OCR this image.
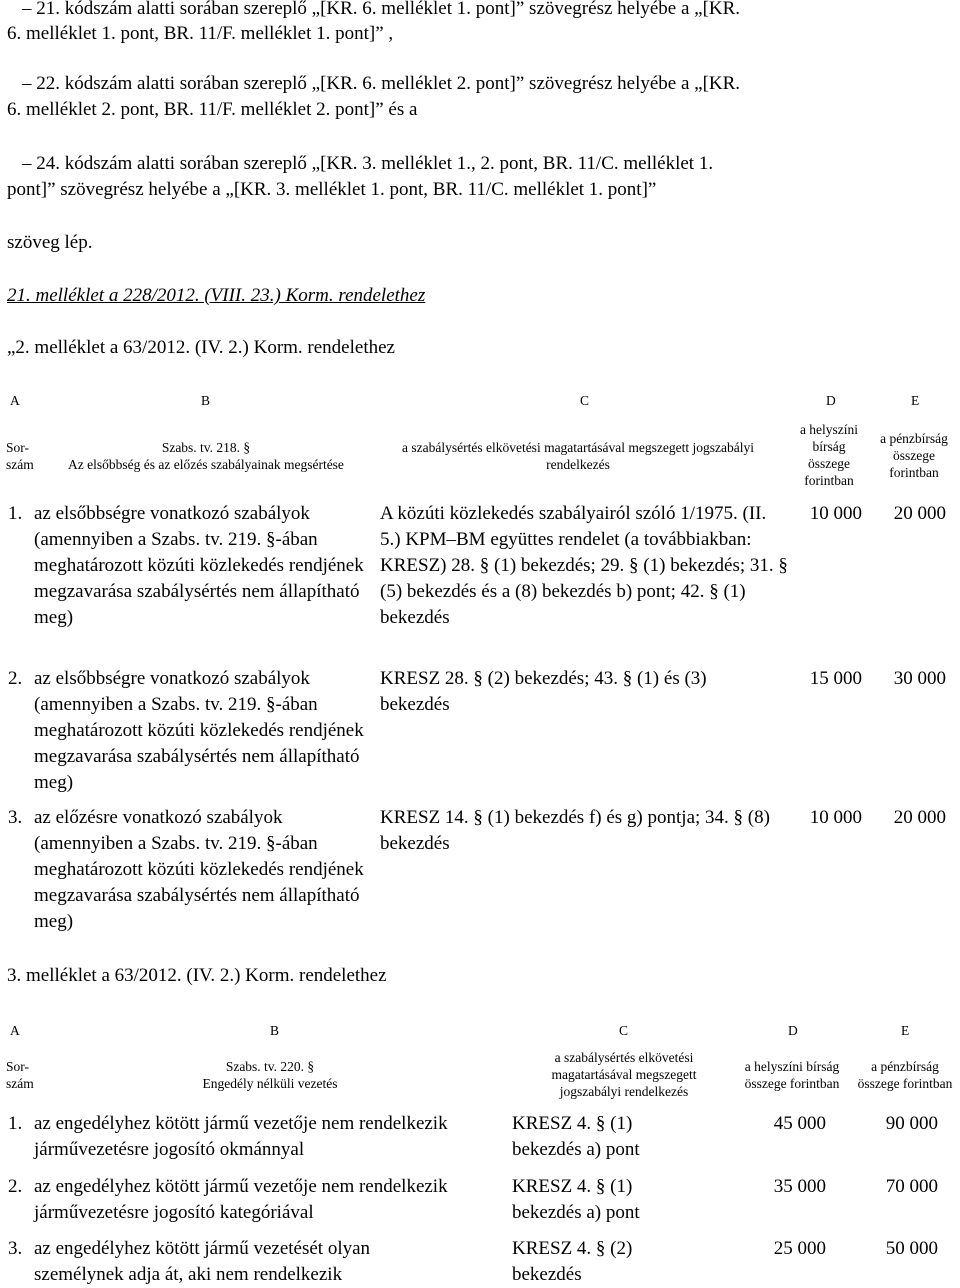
– 21. kódszám alatti sorában szereplő „[KR. 6. melléklet 1. pont]” szövegrész helyébe a „[KR.
6. melléklet 1. pont, BR. 11/F. melléklet 1. pont]” ,
– 22. kódszám alatti sorában szereplő „[KR. 6. melléklet 2. pont]” szövegrész helyébe a „[KR.
6. melléklet 2. pont, BR. 11/F. melléklet 2. pont]” és a
– 24. kódszám alatti sorában szereplő „[KR. 3. melléklet 1., 2. pont, BR. 11/C. melléklet 1.
pont]” szövegrész helyébe a „[KR. 3. melléklet 1. pont, BR. 11/C. melléklet 1. pont]”
szöveg lép.
21. melléklet a 228/2012. (VIII. 23.) Korm. rendelethez
„2. melléklet a 63/2012. (IV. 2.) Korm. rendelethez
A	B	C	D	E
Sor-szám
Szabs. tv. 218. §
Az elsőbbség és az előzés szabályainak megsértése
a szabálysértés elkövetési magatartásával megszegett jogszabályi rendelkezés
a helyszíni bírság összege forintban
a pénzbírság összege forintban
1. az elsőbbségre vonatkozó szabályok (amennyiben a Szabs. tv. 219. §-ában meghatározott közúti közlekedés rendjének megzavarása szabálysértés nem állapítható meg)
A közúti közlekedés szabályairól szóló 1/1975. (II. 5.) KPM–BM együttes rendelet (a továbbiakban: KRESZ) 28. § (1) bekezdés; 29. § (1) bekezdés; 31. § (5) bekezdés és a (8) bekezdés b) pont; 42. § (1) bekezdés
10 000	20 000
2. az elsőbbségre vonatkozó szabályok (amennyiben a Szabs. tv. 219. §-ában meghatározott közúti közlekedés rendjének megzavarása szabálysértés nem állapítható meg)
KRESZ 28. § (2) bekezdés; 43. § (1) és (3) bekezdés
15 000	30 000
3. az előzésre vonatkozó szabályok (amennyiben a Szabs. tv. 219. §-ában meghatározott közúti közlekedés rendjének megzavarása szabálysértés nem állapítható meg)
KRESZ 14. § (1) bekezdés f) és g) pontja; 34. § (8) bekezdés
10 000	20 000
3. melléklet a 63/2012. (IV. 2.) Korm. rendelethez
A	B	C	D	E
Sor-szám
Szabs. tv. 220. §
Engedély nélküli vezetés
a szabálysértés elkövetési magatartásával megszegett jogszabályi rendelkezés
a helyszíni bírság összege forintban
a pénzbírság összege forintban
1. az engedélyhez kötött jármű vezetője nem rendelkezik járművezetésre jogosító okmánnyal
KRESZ 4. § (1) bekezdés a) pont
45 000	90 000
2. az engedélyhez kötött jármű vezetője nem rendelkezik járművezetésre jogosító kategóriával
KRESZ 4. § (1) bekezdés a) pont
35 000	70 000
3. az engedélyhez kötött jármű vezetését olyan személynek adja át, aki nem rendelkezik
KRESZ 4. § (2) bekezdés
25 000	50 000
